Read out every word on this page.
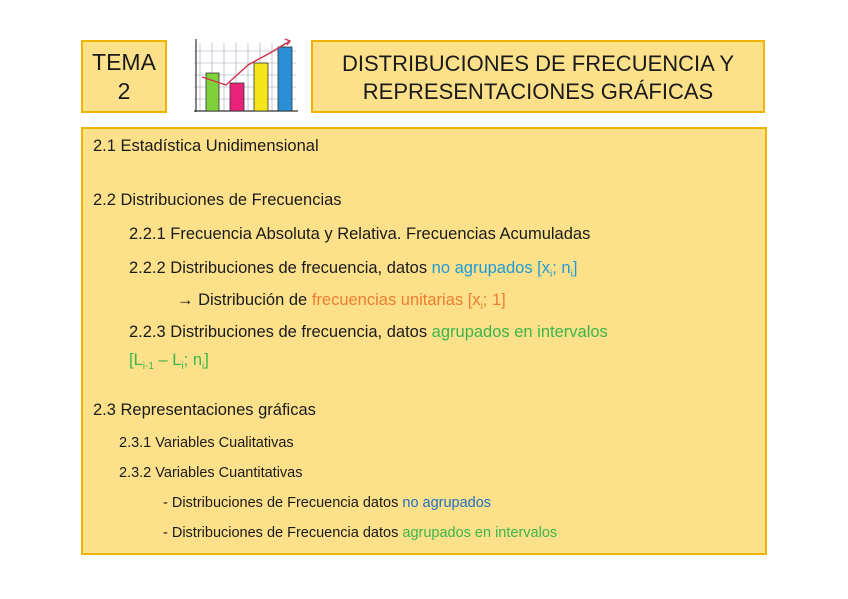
TEMA
2
DISTRIBUCIONES DE FRECUENCIA Y
REPRESENTACIONES GRÁFICAS
2.1 Estadística Unidimensional
2.2 Distribuciones de Frecuencias
2.2.1 Frecuencia Absoluta y Relativa. Frecuencias Acumuladas
2.2.2 Distribuciones de frecuencia, datos no agrupados [$x_i$; $n_i$]
→ Distribución de frecuencias unitarias [$x_i$; 1]
2.2.3 Distribuciones de frecuencia, datos agrupados en intervalos
[$L_{i-1} - L_i$; $n_i$]
2.3 Representaciones gráficas
2.3.1 Variables Cualitativas
2.3.2 Variables Cuantitativas
- Distribuciones de Frecuencia datos no agrupados
- Distribuciones de Frecuencia datos agrupados en intervalos
